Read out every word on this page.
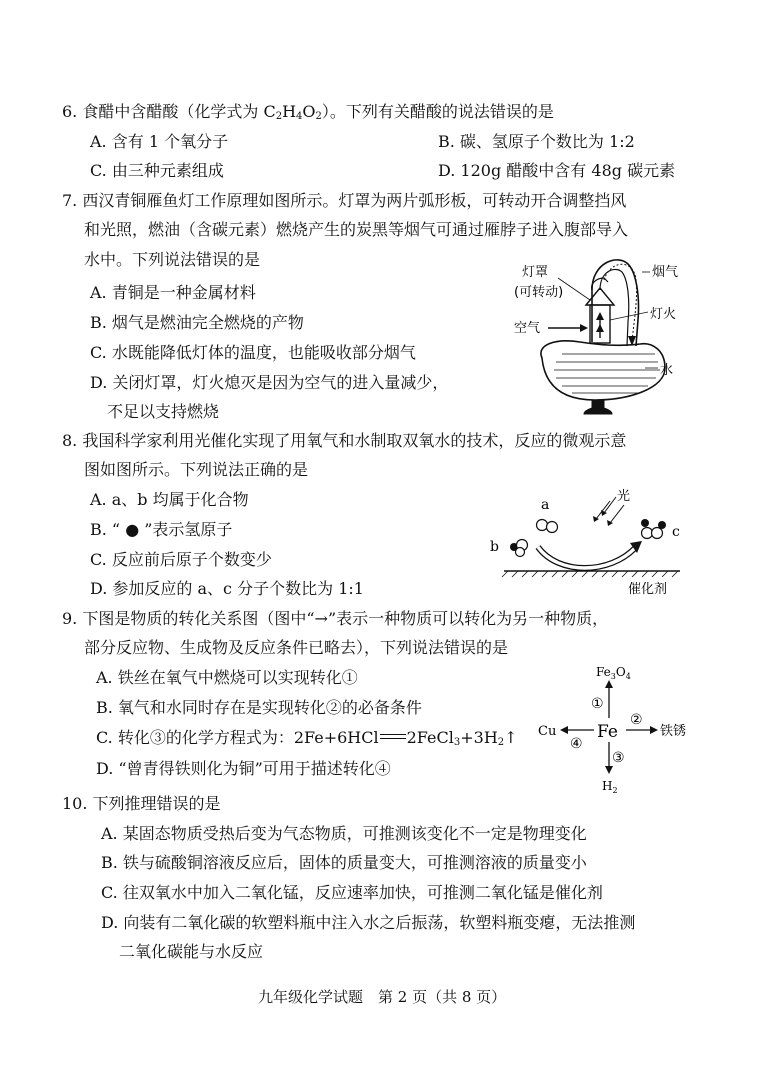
6. 食醋中含醋酸（化学式为 $C_2H_4O_2$）。下列有关醋酸的说法错误的是
A. 含有 1 个氧分子	B. 碳、氢原子个数比为 1:2
C. 由三种元素组成	D. 120g 醋酸中含有 48g 碳元素
7. 西汉青铜雁鱼灯工作原理如图所示。灯罩为两片弧形板，可转动开合调整挡风
和光照，燃油（含碳元素）燃烧产生的炭黑等烟气可通过雁脖子进入腹部导入
水中。下列说法错误的是
A. 青铜是一种金属材料
B. 烟气是燃油完全燃烧的产物
C. 水既能降低灯体的温度，也能吸收部分烟气
D. 关闭灯罩，灯火熄灭是因为空气的进入量减少，
不足以支持燃烧
灯罩
(可转动)
烟气
灯火
空气
水
8. 我国科学家利用光催化实现了用氧气和水制取双氧水的技术，反应的微观示意
图如图所示。下列说法正确的是
A. a、b 均属于化合物
B. “ ● ”表示氢原子
C. 反应前后原子个数变少
D. 参加反应的 a、c 分子个数比为 1:1
a
b
c
光
催化剂
9. 下图是物质的转化关系图（图中“→”表示一种物质可以转化为另一种物质，
部分反应物、生成物及反应条件已略去），下列说法错误的是
A. 铁丝在氧气中燃烧可以实现转化①
B. 氧气和水同时存在是实现转化②的必备条件
C. 转化③的化学方程式为：2Fe+6HCl $2FeCl_3+3H_2↑$
D. “曾青得铁则化为铜”可用于描述转化④
$Fe_3O_4$
Fe
Cu	铁锈
$H_2$
①
②
③
④
10. 下列推理错误的是
A. 某固态物质受热后变为气态物质，可推测该变化不一定是物理变化
B. 铁与硫酸铜溶液反应后，固体的质量变大，可推测溶液的质量变小
C. 往双氧水中加入二氧化锰，反应速率加快，可推测二氧化锰是催化剂
D. 向装有二氧化碳的软塑料瓶中注入水之后振荡，软塑料瓶变瘪，无法推测
二氧化碳能与水反应
九年级化学试题　第 2 页（共 8 页）
